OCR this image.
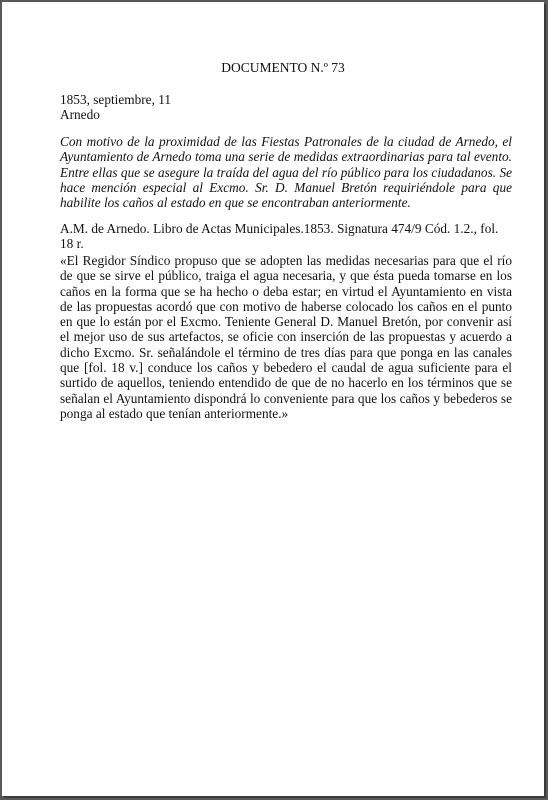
DOCUMENTO N.º 73
1853, septiembre, 11
Arnedo
Con motivo de la proximidad de las Fiestas Patronales de la ciudad de Arnedo, el Ayuntamiento de Arnedo toma una serie de medidas extraordinarias para tal evento. Entre ellas que se asegure la traída del agua del río público para los ciudadanos. Se hace mención especial al Excmo. Sr. D. Manuel Bretón requiriéndole para que habilite los caños al estado en que se encontraban anteriormente.
A.M. de Arnedo. Libro de Actas Municipales.1853. Signatura 474/9 Cód. 1.2., fol. 18 r.
«El Regidor Síndico propuso que se adopten las medidas necesarias para que el río de que se sirve el público, traiga el agua necesaria, y que ésta pueda tomarse en los caños en la forma que se ha hecho o deba estar; en virtud el Ayuntamiento en vista de las propuestas acordó que con motivo de haberse colocado los caños en el punto en que lo están por el Excmo. Teniente General D. Manuel Bretón, por convenir así el mejor uso de sus artefactos, se oficie con inserción de las propuestas y acuerdo a dicho Excmo. Sr. señalándole el término de tres días para que ponga en las canales que [fol. 18 v.] conduce los caños y bebedero el caudal de agua suficiente para el surtido de aquellos, teniendo entendido de que de no hacerlo en los términos que se señalan el Ayuntamiento dispondrá lo conveniente para que los caños y bebederos se ponga al estado que tenían anteriormente.»
